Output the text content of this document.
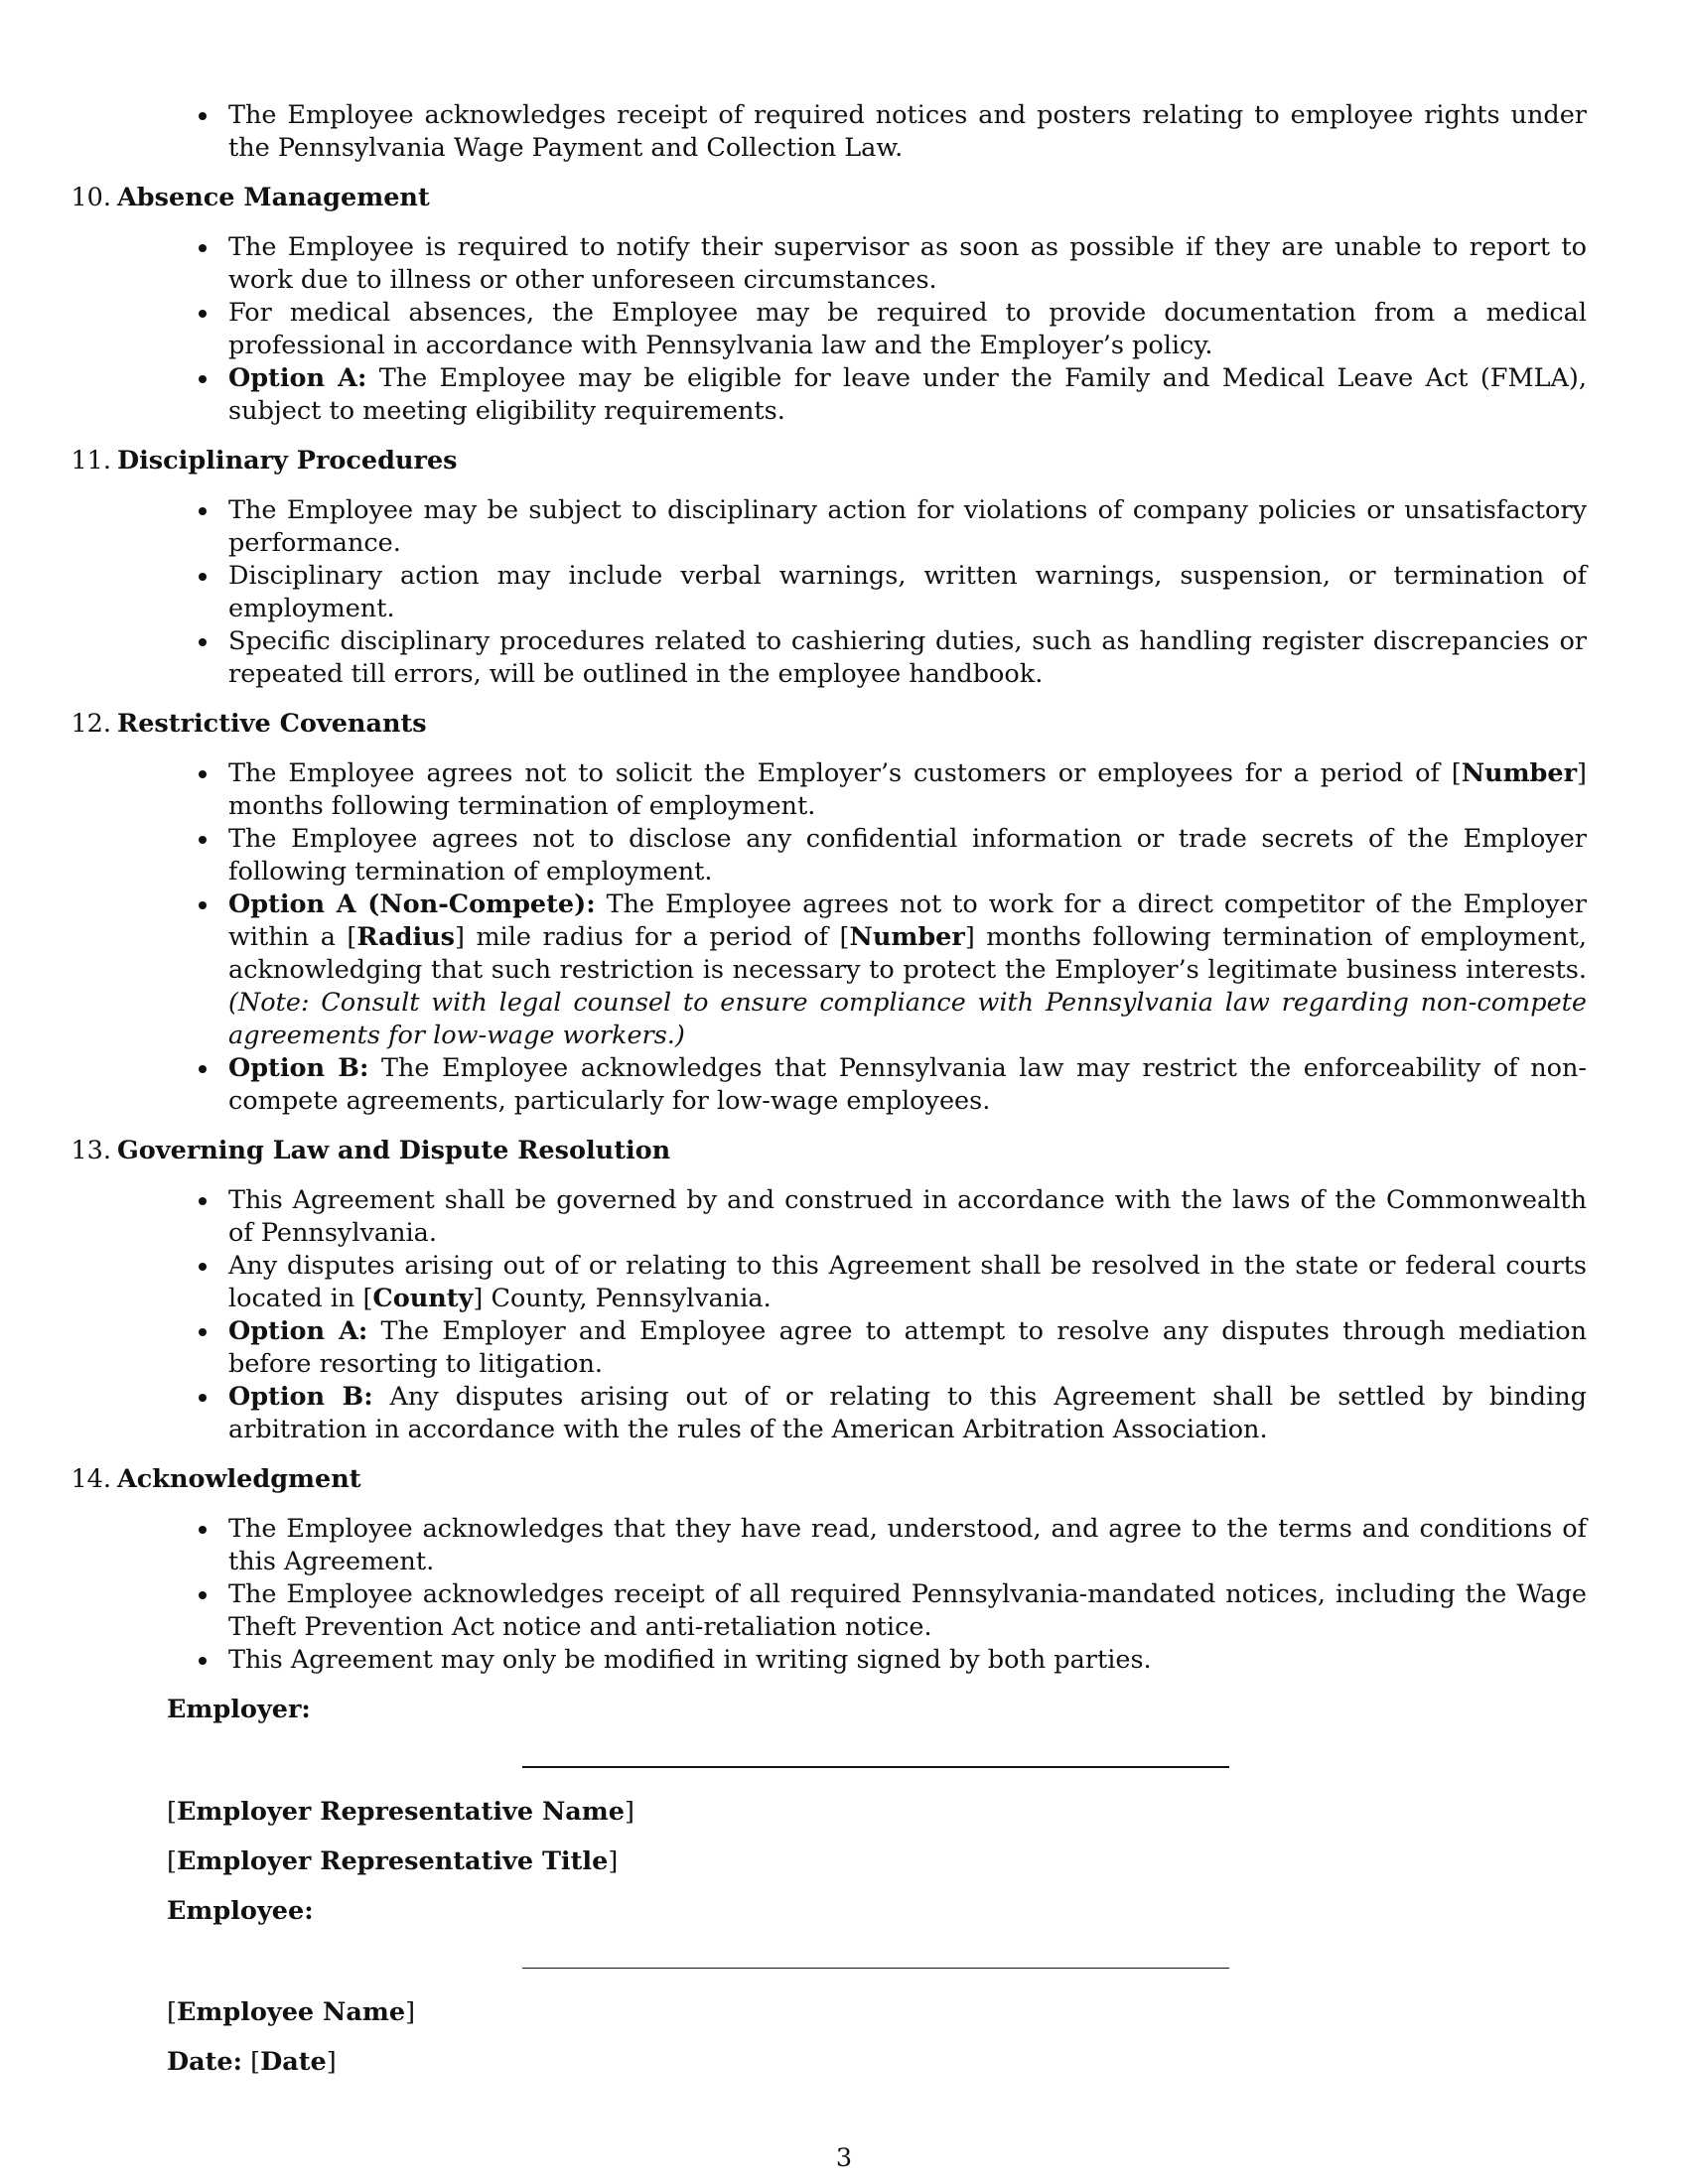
The Employee acknowledges receipt of required notices and posters relating to employee rights under the Pennsylvania Wage Payment and Collection Law.
10. Absence Management
The Employee is required to notify their supervisor as soon as possible if they are unable to report to work due to illness or other unforeseen circumstances.
For medical absences, the Employee may be required to provide documentation from a medical professional in accordance with Pennsylvania law and the Employer’s policy.
Option A: The Employee may be eligible for leave under the Family and Medical Leave Act (FMLA), subject to meeting eligibility requirements.
11. Disciplinary Procedures
The Employee may be subject to disciplinary action for violations of company policies or unsatisfactory performance.
Disciplinary action may include verbal warnings, written warnings, suspension, or termination of employment.
Specific disciplinary procedures related to cashiering duties, such as handling register discrepancies or repeated till errors, will be outlined in the employee handbook.
12. Restrictive Covenants
The Employee agrees not to solicit the Employer’s customers or employees for a period of [Number] months following termination of employment.
The Employee agrees not to disclose any confidential information or trade secrets of the Employer following termination of employment.
Option A (Non-Compete): The Employee agrees not to work for a direct competitor of the Employer within a [Radius] mile radius for a period of [Number] months following termination of employment, acknowledging that such restriction is necessary to protect the Employer’s legitimate business interests. (Note: Consult with legal counsel to ensure compliance with Pennsylvania law regarding non-compete agreements for low-wage workers.)
Option B: The Employee acknowledges that Pennsylvania law may restrict the enforceability of non-compete agreements, particularly for low-wage employees.
13. Governing Law and Dispute Resolution
This Agreement shall be governed by and construed in accordance with the laws of the Commonwealth of Pennsylvania.
Any disputes arising out of or relating to this Agreement shall be resolved in the state or federal courts located in [County] County, Pennsylvania.
Option A: The Employer and Employee agree to attempt to resolve any disputes through mediation before resorting to litigation.
Option B: Any disputes arising out of or relating to this Agreement shall be settled by binding arbitration in accordance with the rules of the American Arbitration Association.
14. Acknowledgment
The Employee acknowledges that they have read, understood, and agree to the terms and conditions of this Agreement.
The Employee acknowledges receipt of all required Pennsylvania-mandated notices, including the Wage Theft Prevention Act notice and anti-retaliation notice.
This Agreement may only be modified in writing signed by both parties.
Employer:
[Employer Representative Name]
[Employer Representative Title]
Employee:
[Employee Name]
Date: [Date]
3
